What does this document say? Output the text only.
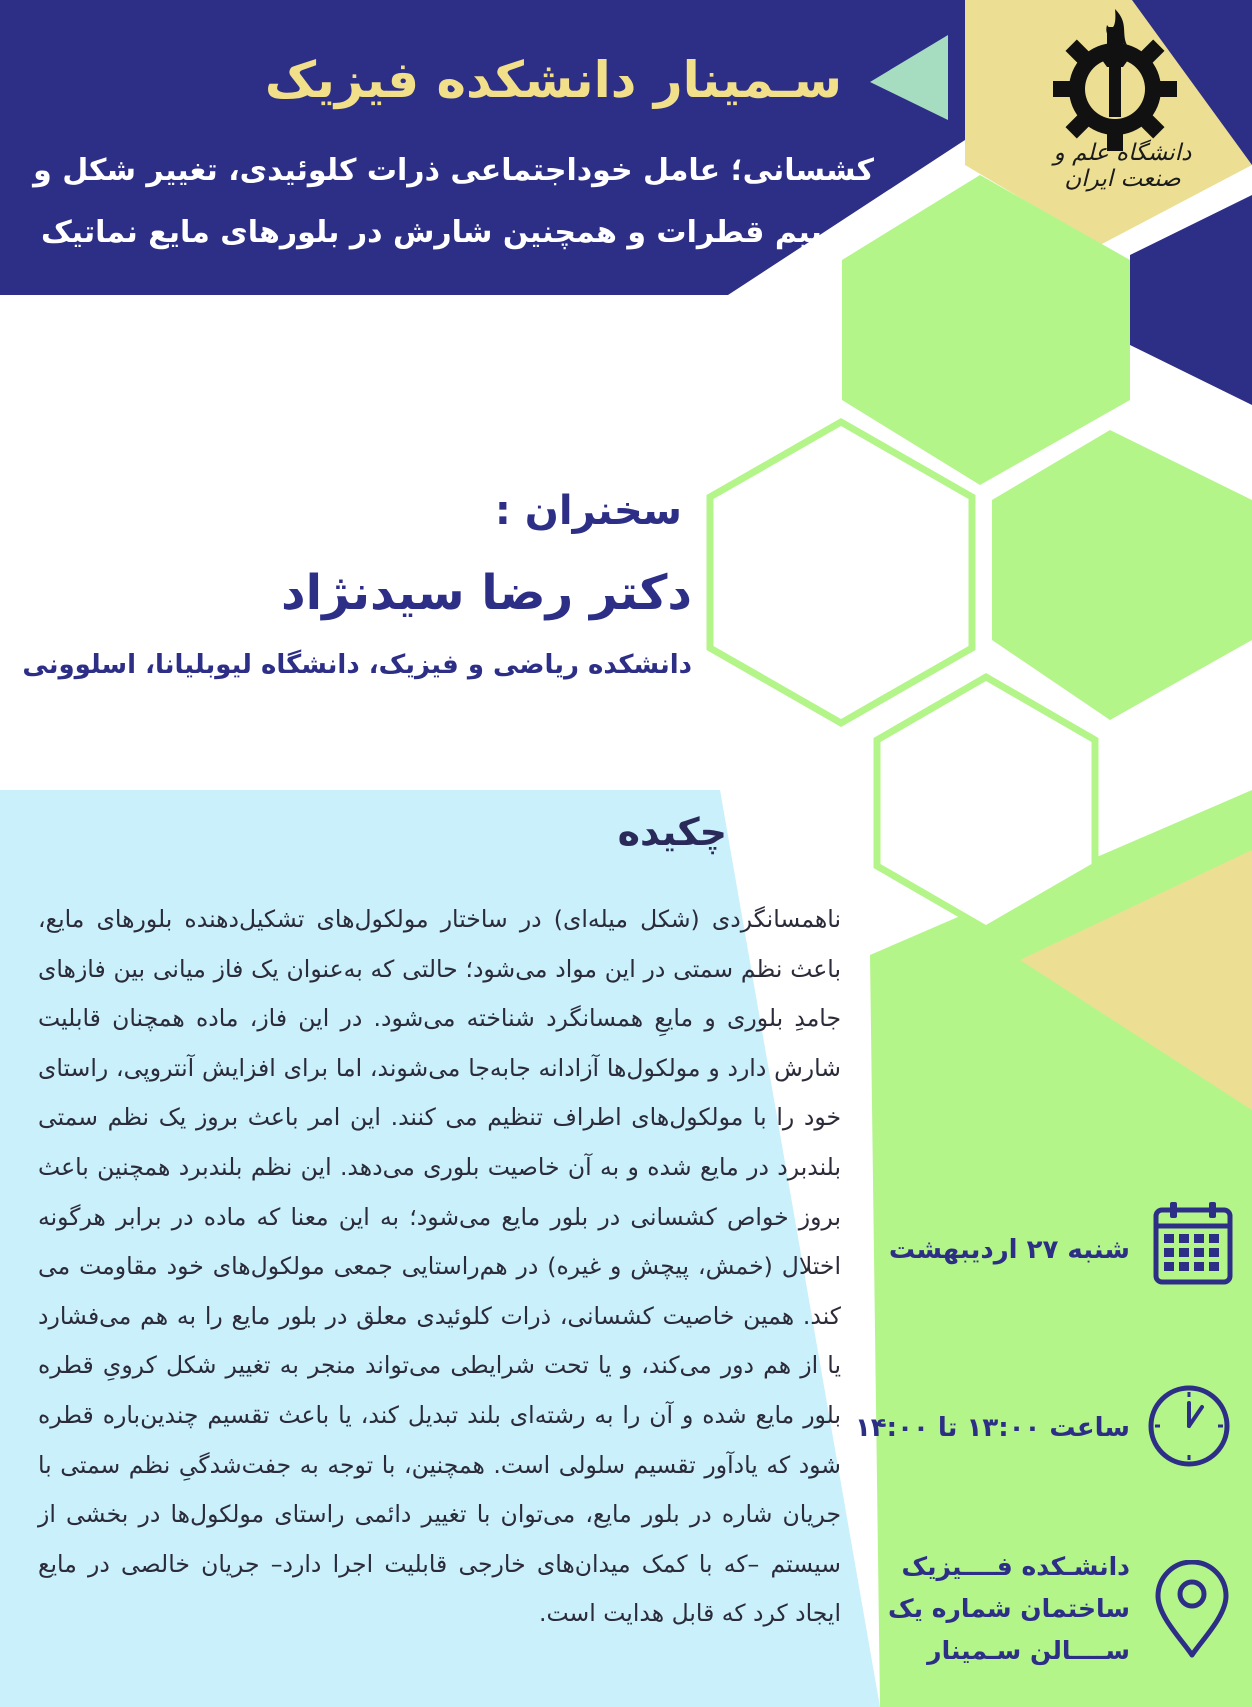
دانشگاه علم و صنعت ایران
سـمینار دانشکده فیزیک
کشسانی؛ عامل خوداجتماعی ذرات کلوئیدی، تغییر شکل و تقسیم قطرات و همچنین شارش در بلورهای مایع نماتیک
سخنران :
دکتر رضا سیدنژاد
دانشکده ریاضی و فیزیک، دانشگاه لیوبلیانا، اسلوونی
چکیده
ناهمسانگردی (شکل میله‌ای) در ساختار مولکول‌های تشکیل‌دهنده بلورهای مایع، باعث نظم سمتی در این مواد می‌شود؛ حالتی که به‌عنوان یک فاز میانی بین فازهای جامدِ بلوری و مایعِ همسانگرد شناخته می‌شود. در این فاز، ماده همچنان قابلیت شارش دارد و مولکول‌ها آزادانه جابه‌جا می‌شوند، اما برای افزایش آنتروپی، راستای خود را با مولکول‌های اطراف تنظیم می کنند. این امر باعث بروز یک نظم سمتی بلندبرد در مایع شده و به آن خاصیت بلوری می‌دهد. این نظم بلندبرد همچنین باعث بروز خواص کشسانی در بلور مایع می‌شود؛ به این معنا که ماده در برابر هرگونه اختلال (خمش، پیچش و غیره) در هم‌راستایی جمعی مولکول‌های خود مقاومت می کند. همین خاصیت کشسانی، ذرات کلوئیدی معلق در بلور مایع را به هم می‌فشارد یا از هم دور می‌کند، و یا تحت شرایطی می‌تواند منجر به تغییر شکل کرویِ قطره بلور مایع شده و آن را به رشته‌ای بلند تبدیل کند، یا باعث تقسیم چندین‌باره قطره شود که یادآور تقسیم سلولی است. همچنین، با توجه به جفت‌شدگیِ نظم سمتی با جریان شاره در بلور مایع، می‌توان با تغییر دائمی راستای مولکول‌ها در بخشی از سیستم –که با کمک میدان‌های خارجی قابلیت اجرا دارد– جریان خالصی در مایع ایجاد کرد که قابل هدایت است.
شنبه ۲۷ اردیبهشت
ساعت ۱۳:۰۰ تا ۱۴:۰۰
دانشـکده فــــیزیک
ساختمان شماره یک
ســــالن سـمینار
